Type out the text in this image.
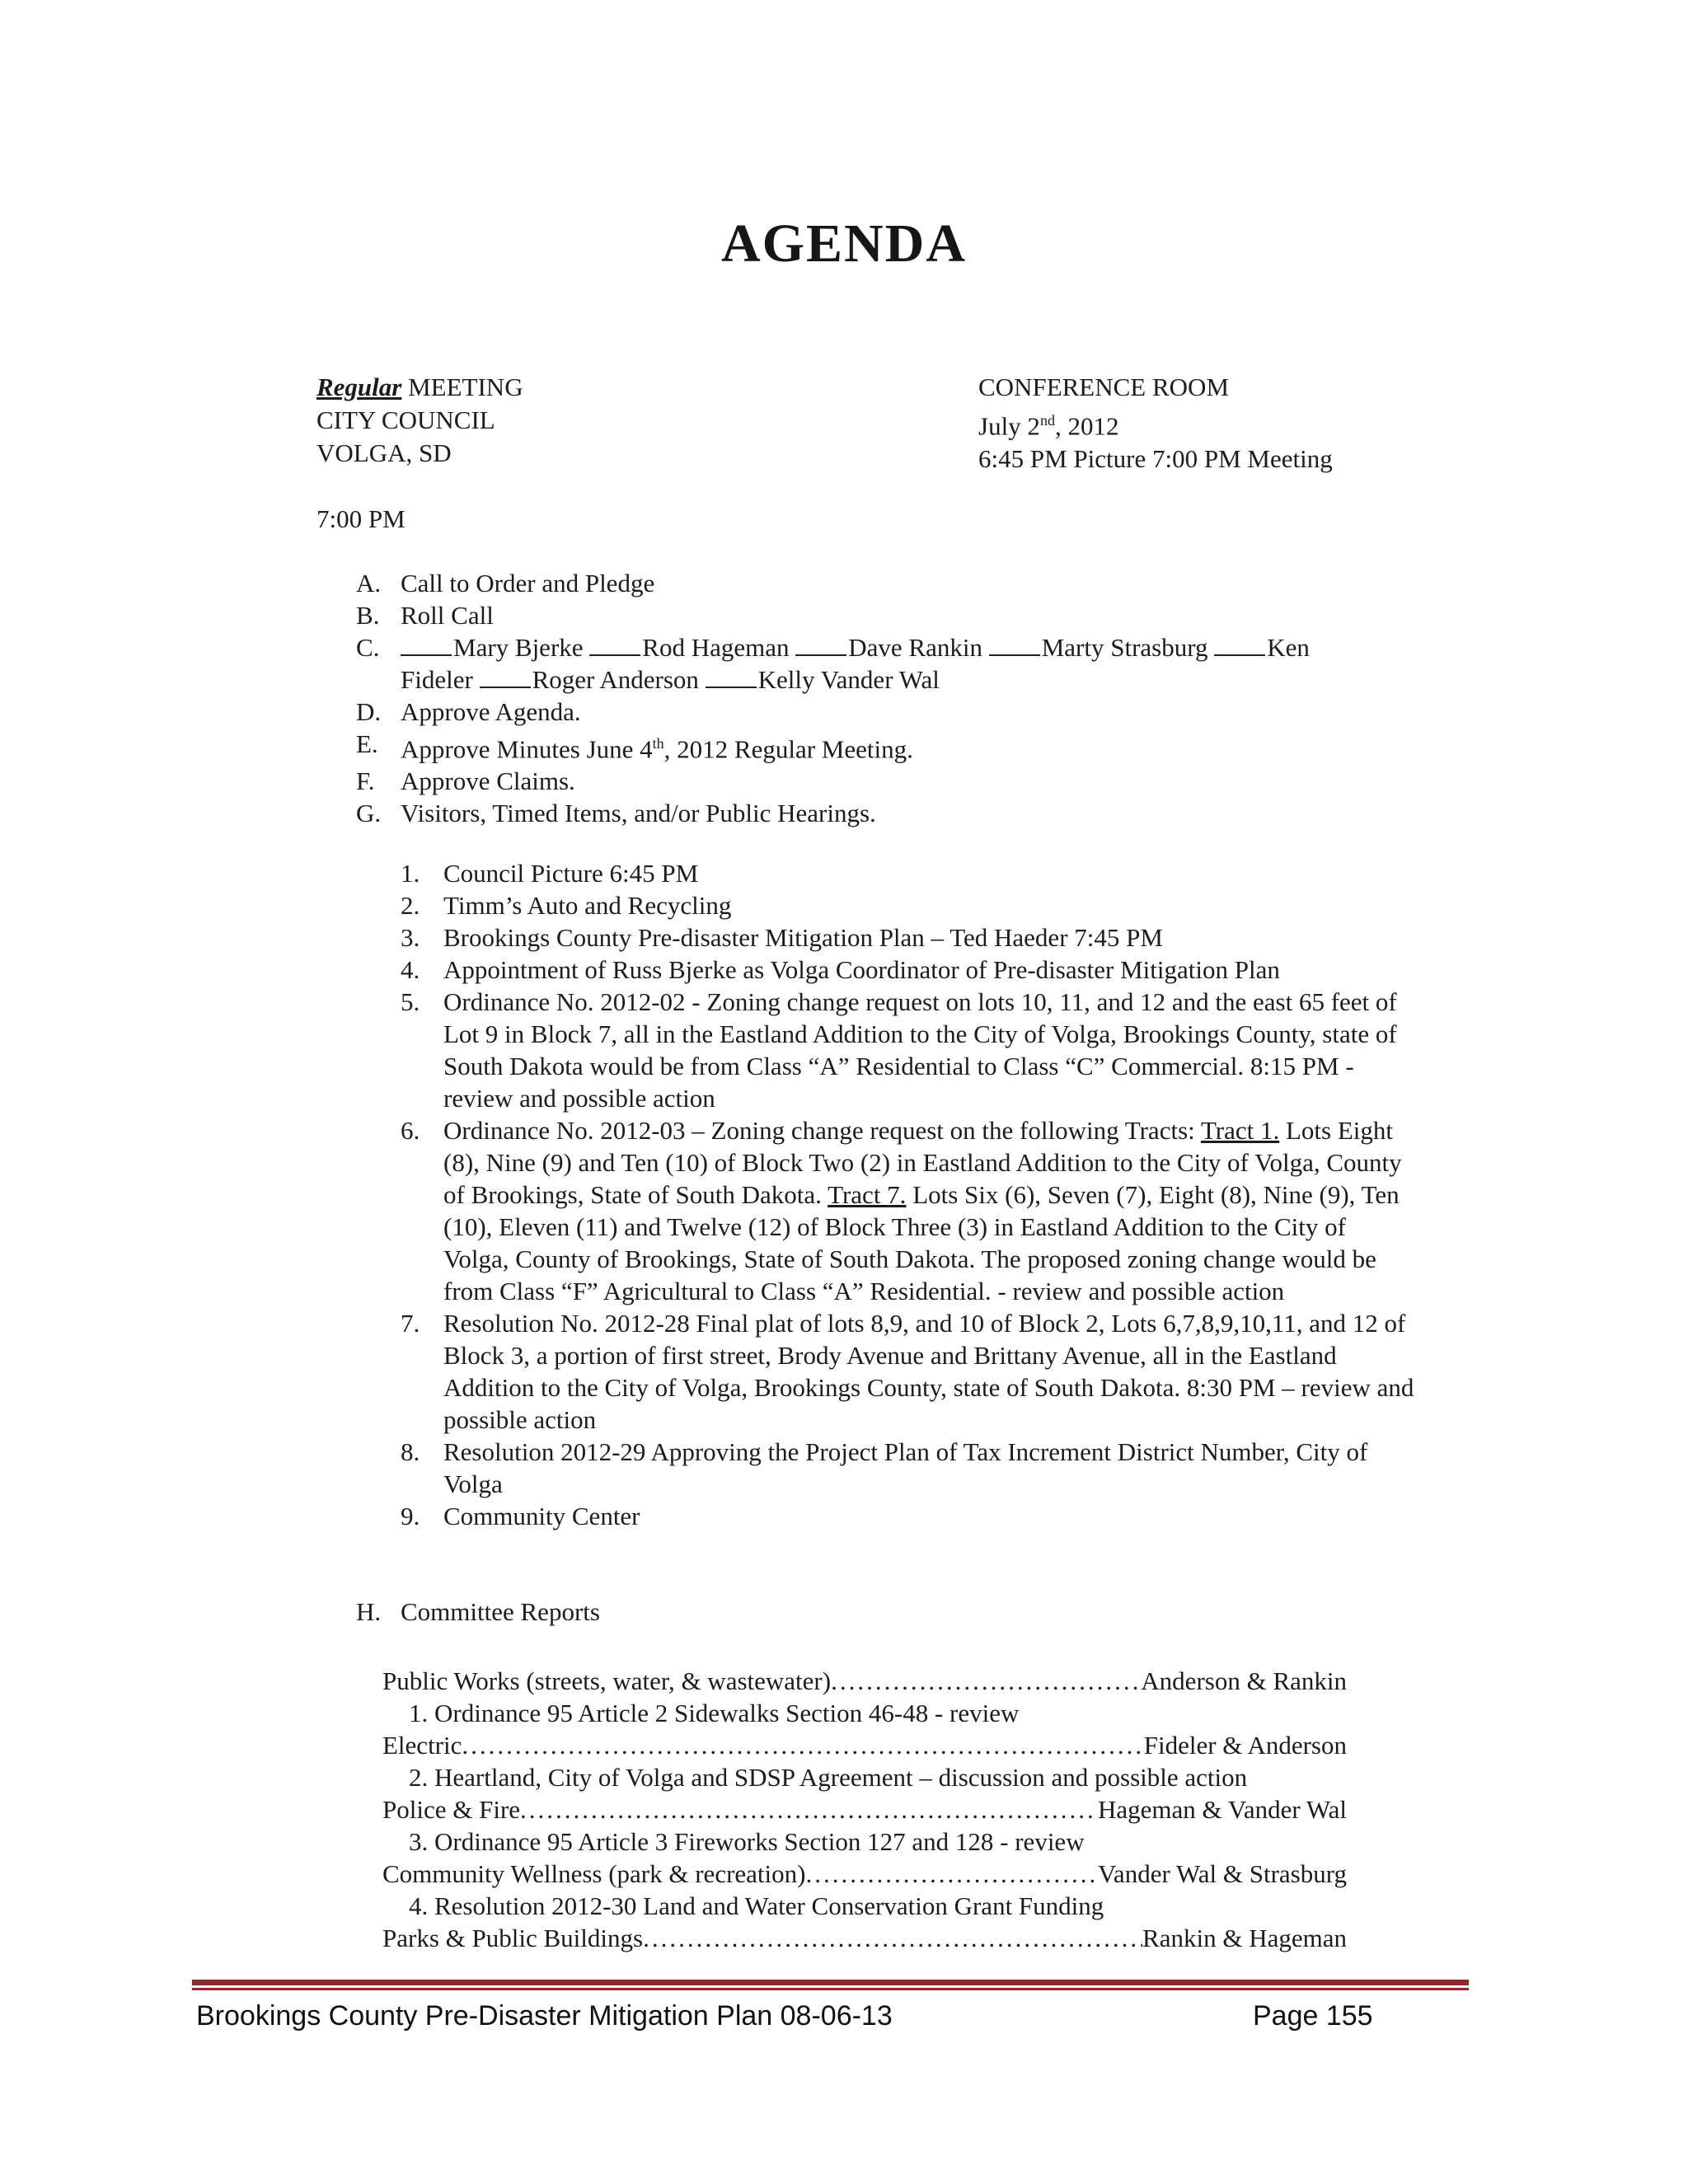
AGENDA
Regular MEETING
CITY COUNCIL
VOLGA, SD
CONFERENCE ROOM
July 2nd, 2012
6:45 PM Picture 7:00 PM Meeting
7:00 PM
A. Call to Order and Pledge
B. Roll Call
C.	Mary Bjerke Rod Hageman Dave Rankin Marty Strasburg Ken
Fideler Roger Anderson Kelly Vander Wal
D. Approve Agenda.
E. Approve Minutes June 4th, 2012 Regular Meeting.
F.	Approve Claims.
G. Visitors, Timed Items, and/or Public Hearings.
1. Council Picture 6:45 PM
2. Timm’s Auto and Recycling
3. Brookings County Pre-disaster Mitigation Plan – Ted Haeder 7:45 PM
4. Appointment of Russ Bjerke as Volga Coordinator of Pre-disaster Mitigation Plan
5. Ordinance No. 2012-02 - Zoning change request on lots 10, 11, and 12 and the east 65 feet of Lot 9 in Block 7, all in the Eastland Addition to the City of Volga, Brookings County, state of South Dakota would be from Class “A” Residential to Class “C” Commercial. 8:15 PM - review and possible action
6. Ordinance No. 2012-03 – Zoning change request on the following Tracts: Tract 1. Lots Eight (8), Nine (9) and Ten (10) of Block Two (2) in Eastland Addition to the City of Volga, County of Brookings, State of South Dakota. Tract 7. Lots Six (6), Seven (7), Eight (8), Nine (9), Ten (10), Eleven (11) and Twelve (12) of Block Three (3) in Eastland Addition to the City of Volga, County of Brookings, State of South Dakota. The proposed zoning change would be from Class “F” Agricultural to Class “A” Residential. - review and possible action
7. Resolution No. 2012-28 Final plat of lots 8,9, and 10 of Block 2, Lots 6,7,8,9,10,11, and 12 of Block 3, a portion of first street, Brody Avenue and Brittany Avenue, all in the Eastland Addition to the City of Volga, Brookings County, state of South Dakota. 8:30 PM – review and possible action
8. Resolution 2012-29 Approving the Project Plan of Tax Increment District Number, City of Volga
9. Community Center
H. Committee Reports
Public Works (streets, water, & wastewater) .....	Anderson & Rankin
1. Ordinance 95 Article 2 Sidewalks Section 46-48 - review
Electric .....	Fideler & Anderson
2. Heartland, City of Volga and SDSP Agreement – discussion and possible action
Police & Fire .....	Hageman & Vander Wal
3. Ordinance 95 Article 3 Fireworks Section 127 and 128 - review
Community Wellness (park & recreation) .....	Vander Wal & Strasburg
4. Resolution 2012-30 Land and Water Conservation Grant Funding
Parks & Public Buildings .....	Rankin & Hageman
Brookings County Pre-Disaster Mitigation Plan 08-06-13	Page 155
